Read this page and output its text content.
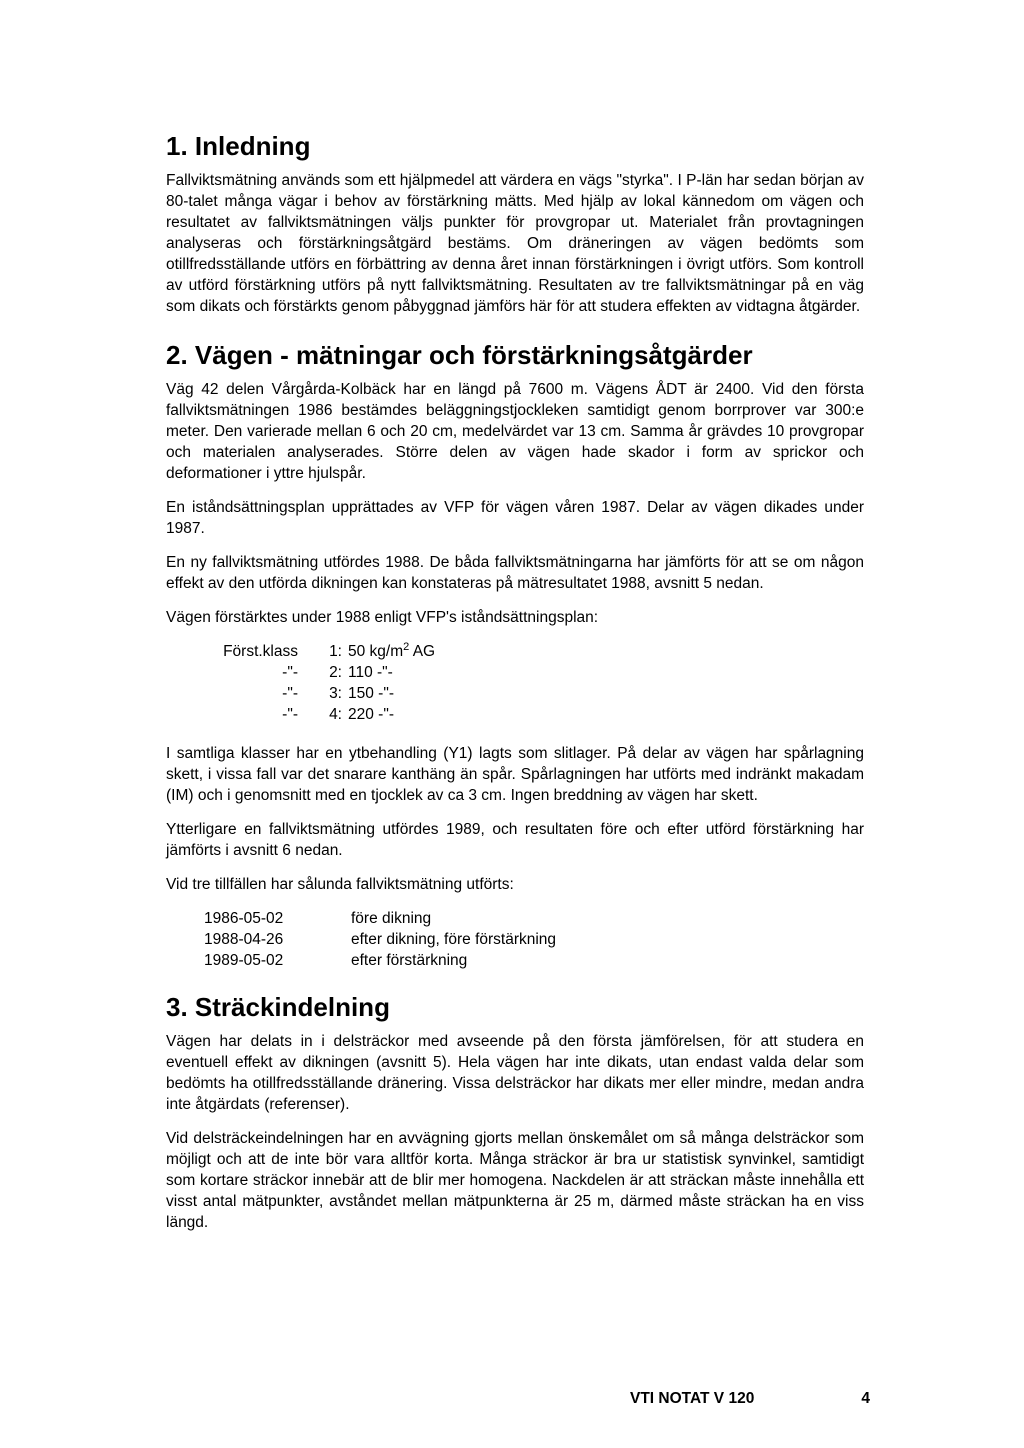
1. Inledning

Fallviktsmätning används som ett hjälpmedel att värdera en vägs "styrka". I P-län har sedan början av 80-talet många vägar i behov av förstärkning mätts. Med hjälp av lokal kännedom om vägen och resultatet av fallviktsmätningen väljs punkter för provgropar ut. Materialet från provtagningen analyseras och förstärkningsåtgärd bestäms. Om dräneringen av vägen bedömts som otillfredsställande utförs en förbättring av denna året innan förstärkningen i övrigt utförs. Som kontroll av utförd förstärkning utförs på nytt fallviktsmätning. Resultaten av tre fallviktsmätningar på en väg som dikats och förstärkts genom påbyggnad jämförs här för att studera effekten av vidtagna åtgärder.

2. Vägen - mätningar och förstärkningsåtgärder

Väg 42 delen Vårgårda-Kolbäck har en längd på 7600 m. Vägens ÅDT är 2400. Vid den första fallviktsmätningen 1986 bestämdes beläggningstjockleken samtidigt genom borrprover var 300:e meter. Den varierade mellan 6 och 20 cm, medelvärdet var 13 cm. Samma år grävdes 10 provgropar och materialen analyserades. Större delen av vägen hade skador i form av sprickor och deformationer i yttre hjulspår.

En iståndsättningsplan upprättades av VFP för vägen våren 1987. Delar av vägen dikades under 1987.

En ny fallviktsmätning utfördes 1988. De båda fallviktsmätningarna har jämförts för att se om någon effekt av den utförda dikningen kan konstateras på mätresultatet 1988, avsnitt 5 nedan.

Vägen förstärktes under 1988 enligt VFP's iståndsättningsplan:

Först.klass	1: 50 $kg/m^2$ AG
-"-	2: 110 -"-
-"-	3: 150 -"-
-"-	4: 220 -"-

I samtliga klasser har en ytbehandling (Y1) lagts som slitlager. På delar av vägen har spårlagning skett, i vissa fall var det snarare kanthäng än spår. Spårlagningen har utförts med indränkt makadam (IM) och i genomsnitt med en tjocklek av ca 3 cm. Ingen breddning av vägen har skett.

Ytterligare en fallviktsmätning utfördes 1989, och resultaten före och efter utförd förstärkning har jämförts i avsnitt 6 nedan.

Vid tre tillfällen har sålunda fallviktsmätning utförts:

1986-05-02	före dikning
1988-04-26	efter dikning, före förstärkning
1989-05-02	efter förstärkning
3. Sträckindelning

Vägen har delats in i delsträckor med avseende på den första jämförelsen, för att studera en eventuell effekt av dikningen (avsnitt 5). Hela vägen har inte dikats, utan endast valda delar som bedömts ha otillfredsställande dränering. Vissa delsträckor har dikats mer eller mindre, medan andra inte åtgärdats (referenser).

Vid delsträckeindelningen har en avvägning gjorts mellan önskemålet om så många delsträckor som möjligt och att de inte bör vara alltför korta. Många sträckor är bra ur statistisk synvinkel, samtidigt som kortare sträckor innebär att de blir mer homogena. Nackdelen är att sträckan måste innehålla ett visst antal mätpunkter, avståndet mellan mätpunkterna är 25 m, därmed måste sträckan ha en viss längd.

VTI NOTAT V 120	4
